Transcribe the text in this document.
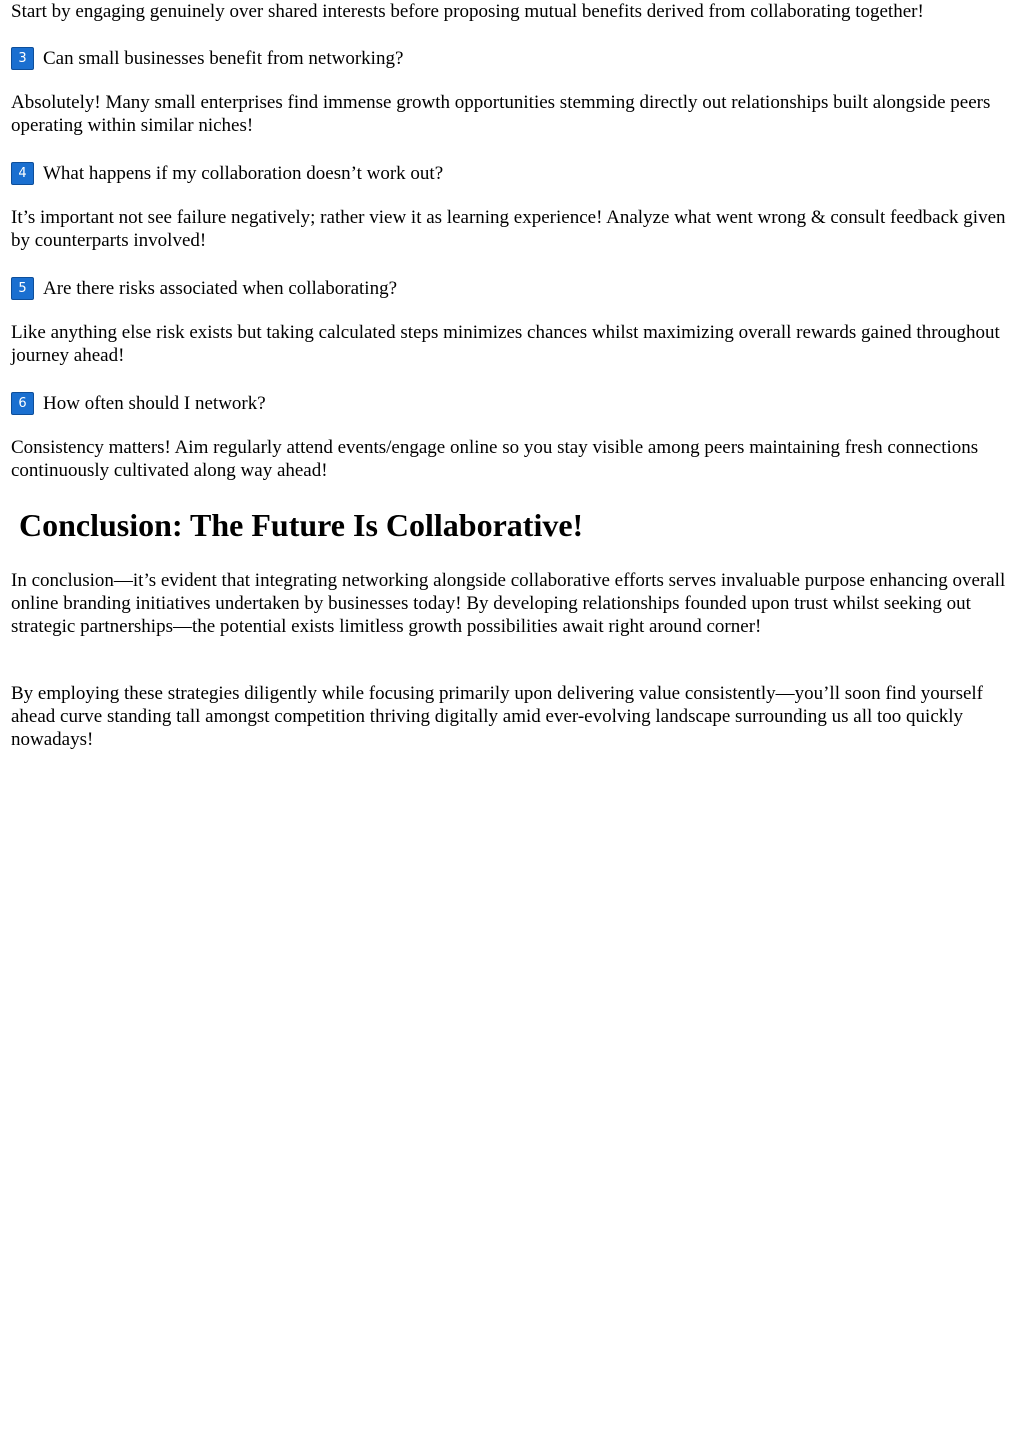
Start by engaging genuinely over shared interests before proposing mutual benefits derived from collaborating together!

3 Can small businesses benefit from networking?

Absolutely! Many small enterprises find immense growth opportunities stemming directly out relationships built alongside peers operating within similar niches!

4 What happens if my collaboration doesn’t work out?

It’s important not see failure negatively; rather view it as learning experience! Analyze what went wrong & consult feedback given by counterparts involved!

5 Are there risks associated when collaborating?

Like anything else risk exists but taking calculated steps minimizes chances whilst maximizing overall rewards gained throughout journey ahead!

6 How often should I network?

Consistency matters! Aim regularly attend events/engage online so you stay visible among peers maintaining fresh connections continuously cultivated along way ahead!

Conclusion: The Future Is Collaborative!

In conclusion—it’s evident that integrating networking alongside collaborative efforts serves invaluable purpose enhancing overall online branding initiatives undertaken by businesses today! By developing relationships founded upon trust whilst seeking out strategic partnerships—the potential exists limitless growth possibilities await right around corner!

By employing these strategies diligently while focusing primarily upon delivering value consistently—you’ll soon find yourself ahead curve standing tall amongst competition thriving digitally amid ever-evolving landscape surrounding us all too quickly nowadays!
